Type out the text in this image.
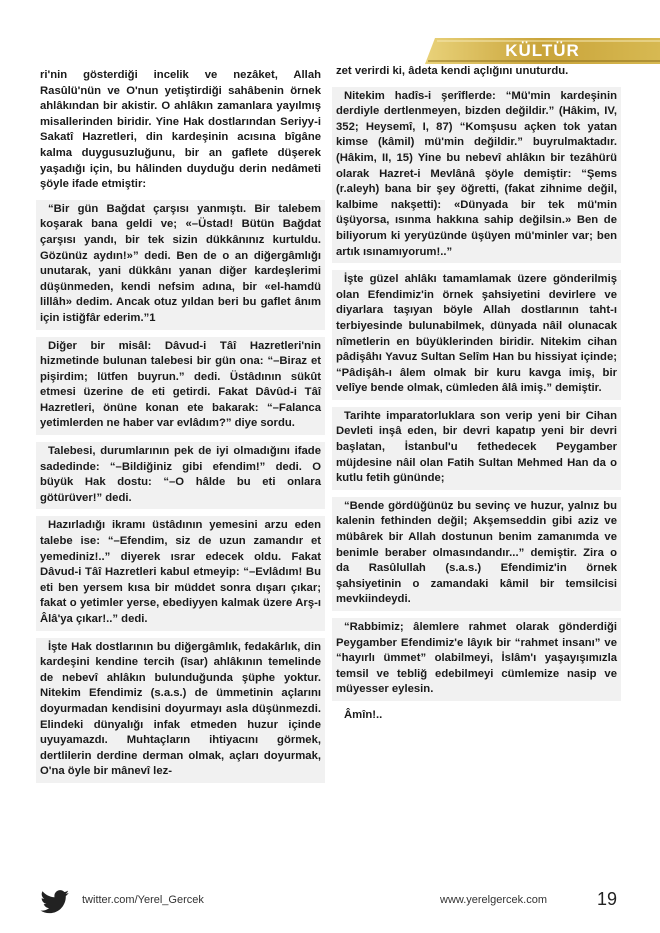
KÜLTÜR

ri'nin gösterdiği incelik ve nezâket, Allah Rasûlü'nün ve O'nun yetiştirdiği sahâbenin örnek ahlâkından bir akistir. O ahlâkın zamanlara yayılmış misallerinden biridir. Yine Hak dostlarından Seriyy-i Sakatî Hazretleri, din kardeşinin acısına bîgâne kalma duygusuzluğunu, bir an gaflete düşerek yaşadığı için, bu hâlinden duyduğu derin nedâmeti şöyle ifade etmiştir:

“Bir gün Bağdat çarşısı yanmıştı. Bir talebem koşarak bana geldi ve; «–Üstad! Bütün Bağdat çarşısı yandı, bir tek sizin dükkânınız kurtuldu. Gözünüz aydın!»” dedi. Ben de o an diğergâmlığı unutarak, yani dükkânı yanan diğer kardeşlerimi düşünmeden, kendi nefsim adına, bir «el-hamdü lillâh» dedim. Ancak otuz yıldan beri bu gaflet ânım için istiğfâr ederim.”1

Diğer bir misâl: Dâvud-i Tâî Hazretleri'nin hizmetinde bulunan talebesi bir gün ona: “–Biraz et pişirdim; lütfen buyrun.” dedi. Üstâdının sükût etmesi üzerine de eti getirdi. Fakat Dâvûd-i Tâî Hazretleri, önüne konan ete bakarak: “–Falanca yetimlerden ne haber var evlâdım?” diye sordu.

Talebesi, durumlarının pek de iyi olmadığını ifade sadedinde: “–Bildiğiniz gibi efendim!” dedi. O büyük Hak dostu: “–O hâlde bu eti onlara götürüver!” dedi.

Hazırladığı ikramı üstâdının yemesini arzu eden talebe ise: “–Efendim, siz de uzun zamandır et yemediniz!..” diyerek ısrar edecek oldu. Fakat Dâvud-i Tâî Hazretleri kabul etmeyip: “–Evlâdım! Bu eti ben yersem kısa bir müddet sonra dışarı çıkar; fakat o yetimler yerse, ebediyyen kalmak üzere Arş-ı Âlâ'ya çıkar!..” dedi.

İşte Hak dostlarının bu diğergâmlık, fedakârlık, din kardeşini kendine tercih (îsar) ahlâkının temelinde de nebevî ahlâkın bulunduğunda şüphe yoktur. Nitekim Efendimiz (s.a.s.) de ümmetinin açlarını doyurmadan kendisini doyurmayı asla düşünmezdi. Elindeki dünyalığı infak etmeden huzur içinde uyuyamazdı. Muhtaçların ihtiyacını görmek, dertlilerin derdine derman olmak, açları doyurmak, O'na öyle bir mânevî lez-

zet verirdi ki, âdeta kendi açlığını unuturdu.

Nitekim hadîs-i şerîflerde: “Mü'min kardeşinin derdiyle dertlenmeyen, bizden değildir.” (Hâkim, IV, 352; Heysemî, I, 87) “Komşusu açken tok yatan kimse (kâmil) mü'min değildir.” buyrulmaktadır. (Hâkim, II, 15) Yine bu nebevî ahlâkın bir tezâhürü olarak Hazret-i Mevlânâ şöyle demiştir: “Şems (r.aleyh) bana bir şey öğretti, (fakat zihnime değil, kalbime nakşetti): «Dünyada bir tek mü'min üşüyorsa, ısınma hakkına sahip değilsin.» Ben de biliyorum ki yeryüzünde üşüyen mü'minler var; ben artık ısınamıyorum!..”

İşte güzel ahlâkı tamamlamak üzere gönderilmiş olan Efendimiz'in örnek şahsiyetini devirlere ve diyarlara taşıyan böyle Allah dostlarının taht-ı terbiyesinde bulunabilmek, dünyada nâil olunacak nîmetlerin en büyüklerinden biridir. Nitekim cihan pâdişâhı Yavuz Sultan Selîm Han bu hissiyat içinde; “Pâdişâh-ı âlem olmak bir kuru kavga imiş, bir velîye bende olmak, cümleden âlâ imiş.” demiştir.

Tarihte imparatorluklara son verip yeni bir Cihan Devleti inşâ eden, bir devri kapatıp yeni bir devri başlatan, İstanbul'u fethedecek Peygamber müjdesine nâil olan Fatih Sultan Mehmed Han da o kutlu fetih gününde;

“Bende gördüğünüz bu sevinç ve huzur, yalnız bu kalenin fethinden değil; Akşemseddin gibi aziz ve mübârek bir Allah dostunun benim zamanımda ve benimle beraber olmasındandır...” demiştir. Zira o da Rasûlullah (s.a.s.) Efendimiz'in örnek şahsiyetinin o zamandaki kâmil bir temsilcisi mevkiindeydi.

“Rabbimiz; âlemlere rahmet olarak gönderdiği Peygamber Efendimiz'e lâyık bir “rahmet insanı” ve “hayırlı ümmet” olabilmeyi, İslâm'ı yaşayışımızla temsil ve tebliğ edebilmeyi cümlemize nasip ve müyesser eylesin.

Âmîn!..

twitter.com/Yerel_Gercek	www.yerelgercek.com	19
